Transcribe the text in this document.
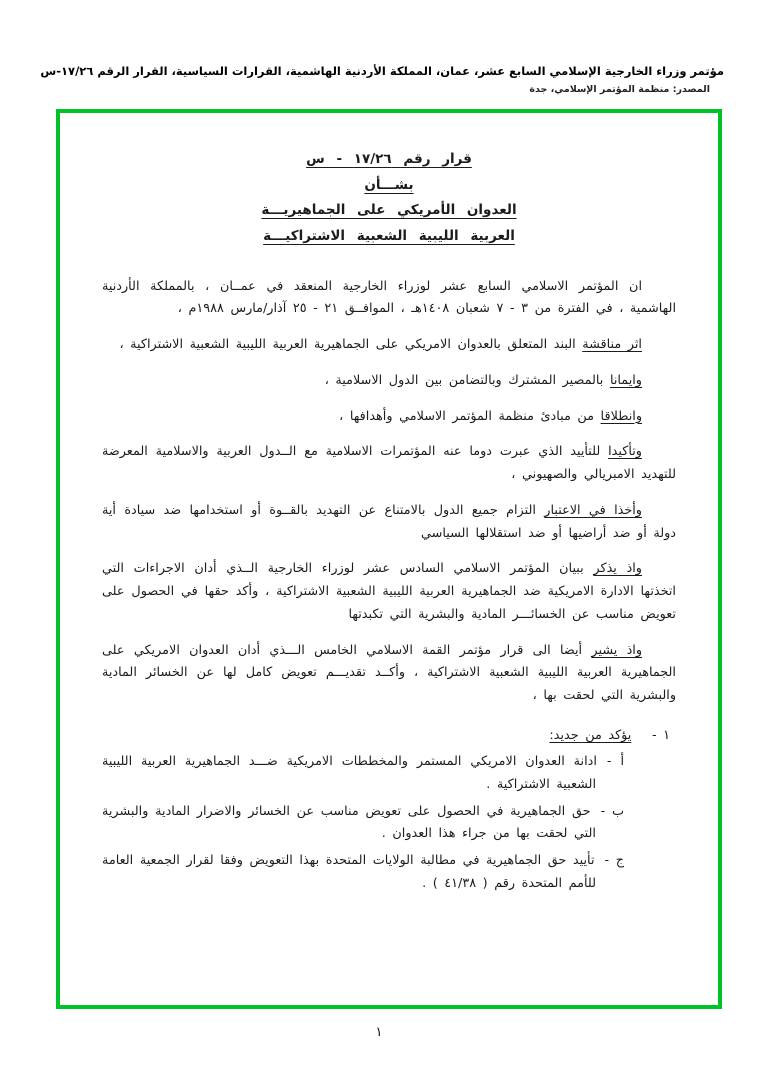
مؤتمر وزراء الخارجية الإسلامي السابع عشر، عمان، المملكة الأردنية الهاشمية، القرارات السياسية، القرار الرقم ١٧/٢٦-س
المصدر: منظمة المؤتمر الإسلامي، جدة
قرار رقم ١٧/٢٦ - س
بشـــأن
العدوان الأمريكي على الجماهيريـــة
العربية الليبية الشعبية الاشتراكيـــة

ان المؤتمر الاسلامي السابع عشر لوزراء الخارجية المنعقد في عمــان ، بالمملكة الأردنية الهاشمية ، في الفترة من ٣ - ٧ شعبان ١٤٠٨هـ ، الموافــق ٢١ - ٢٥ آذار/مارس ١٩٨٨م ،

اثر مناقشة البند المتعلق بالعدوان الامريكي على الجماهيرية العربية الليبية الشعبية الاشتراكية ،

وايمانا بالمصير المشترك وبالتضامن بين الدول الاسلامية ،

وانطلاقا من مبادئ منظمة المؤتمر الاسلامي وأهدافها ،

وتأكيدا للتأييد الذي عبرت دوما عنه المؤتمرات الاسلامية مع الــدول العربية والاسلامية المعرضة للتهديد الامبريالي والصهيوني ،

وأخذا في الاعتبار التزام جميع الدول بالامتناع عن التهديد بالقــوة أو استخدامها ضد سيادة أية دولة أو ضد أراضيها أو ضد استقلالها السياسي

واذ يذكر ببيان المؤتمر الاسلامي السادس عشر لوزراء الخارجية الــذي أدان الاجراءات التي اتخذتها الادارة الامريكية ضد الجماهيرية العربية الليبية الشعبية الاشتراكية ، وأكد حقها في الحصول على تعويض مناسب عن الخسائـــر المادية والبشرية التي تكبدتها

واذ يشير أيضا الى قرار مؤتمر القمة الاسلامي الخامس الـــذي أدان العدوان الامريكي على الجماهيرية العربية الليبية الشعبية الاشتراكية ، وأكــد تقديـــم تعويض كامل لها عن الخسائر المادية والبشرية التي لحقت بها ،

١ - يؤكد من جديد:
أ -ادانة العدوان الامريكي المستمر والمخططات الامريكية ضـــد الجماهيرية العربية الليبية الشعبية الاشتراكية .
ب -حق الجماهيرية في الحصول على تعويض مناسب عن الخسائر والاضرار المادية والبشرية التي لحقت بها من جراء هذا العدوان .
ج -تأييد حق الجماهيرية في مطالبة الولايات المتحدة بهذا التعويض وفقا لقرار الجمعية العامة للأمم المتحدة رقم ( ٤١/٣٨ ) .
١
